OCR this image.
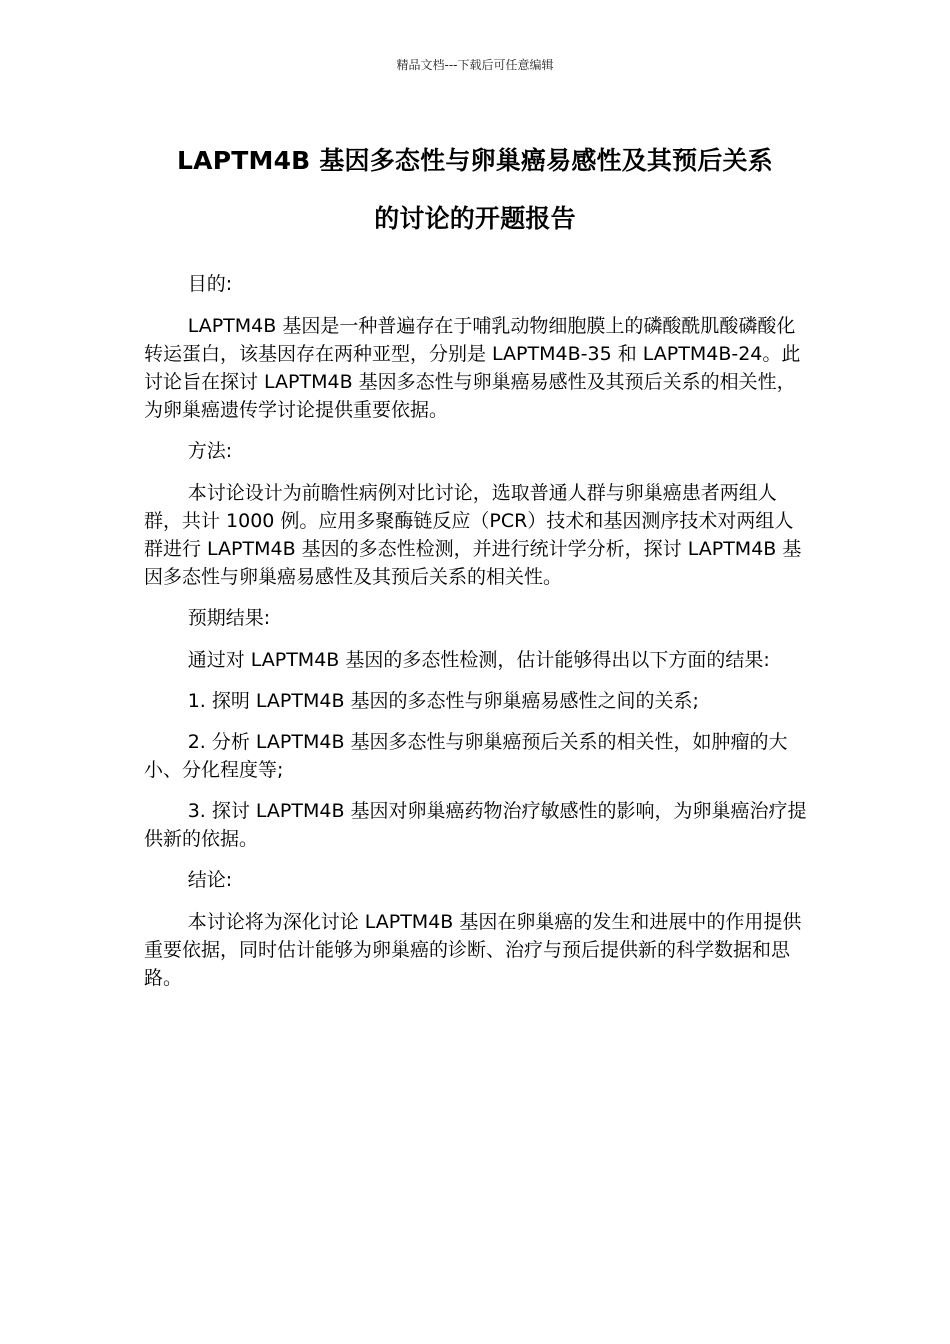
精品文档---下载后可任意编辑
LAPTM4B 基因多态性与卵巢癌易感性及其预后关系
的讨论的开题报告

目的:

LAPTM4B 基因是一种普遍存在于哺乳动物细胞膜上的磷酸酰肌酸磷酸化转运蛋白，该基因存在两种亚型，分别是 LAPTM4B-35 和 LAPTM4B-24。此讨论旨在探讨 LAPTM4B 基因多态性与卵巢癌易感性及其预后关系的相关性，为卵巢癌遗传学讨论提供重要依据。

方法:

本讨论设计为前瞻性病例对比讨论，选取普通人群与卵巢癌患者两组人群，共计 1000 例。应用多聚酶链反应（PCR）技术和基因测序技术对两组人群进行 LAPTM4B 基因的多态性检测，并进行统计学分析，探讨 LAPTM4B 基因多态性与卵巢癌易感性及其预后关系的相关性。

预期结果:

通过对 LAPTM4B 基因的多态性检测，估计能够得出以下方面的结果:

1. 探明 LAPTM4B 基因的多态性与卵巢癌易感性之间的关系;

2. 分析 LAPTM4B 基因多态性与卵巢癌预后关系的相关性，如肿瘤的大小、分化程度等;

3. 探讨 LAPTM4B 基因对卵巢癌药物治疗敏感性的影响，为卵巢癌治疗提供新的依据。

结论:

本讨论将为深化讨论 LAPTM4B 基因在卵巢癌的发生和进展中的作用提供重要依据，同时估计能够为卵巢癌的诊断、治疗与预后提供新的科学数据和思路。
